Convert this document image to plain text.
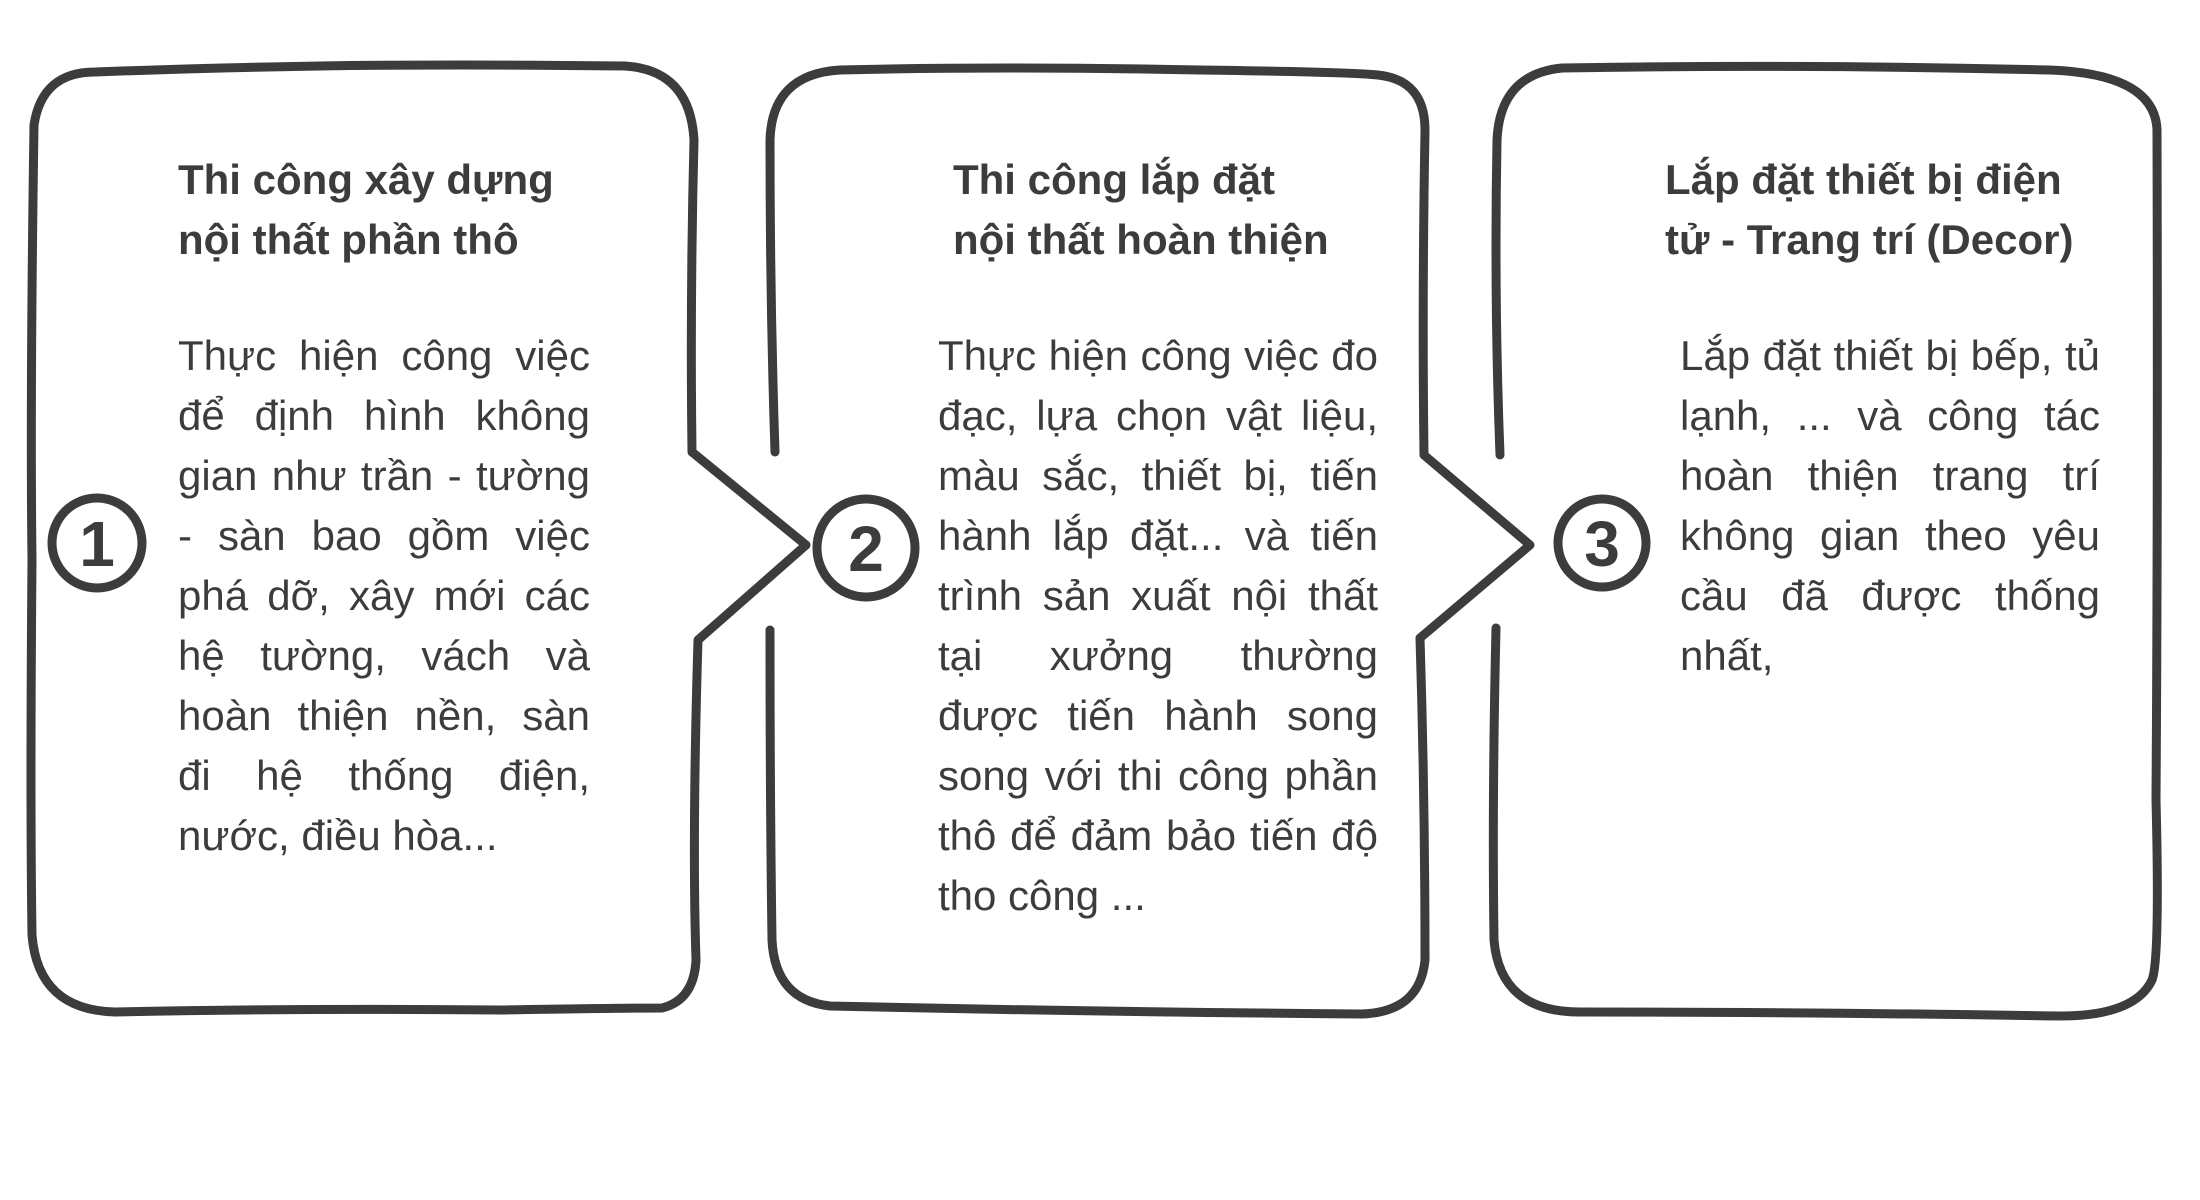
1	2	3
Thi công xây dựng
nội thất phần thô
Thực hiện công việc để định hình không gian như trần - tường - sàn bao gồm việc phá dỡ, xây mới các hệ tường, vách và hoàn thiện nền, sàn đi hệ thống điện, nước, điều hòa...
Thi công lắp đặt
nội thất hoàn thiện
Thực hiện công việc đo đạc, lựa chọn vật liệu, màu sắc, thiết bị, tiến hành lắp đặt... và tiến trình sản xuất nội thất tại xưởng thường được tiến hành song song với thi công phần thô để đảm bảo tiến độ tho công ...
Lắp đặt thiết bị điện
tử - Trang trí (Decor)
Lắp đặt thiết bị bếp, tủ lạnh, ... và công tác hoàn thiện trang trí không gian theo yêu cầu đã được thống nhất,
